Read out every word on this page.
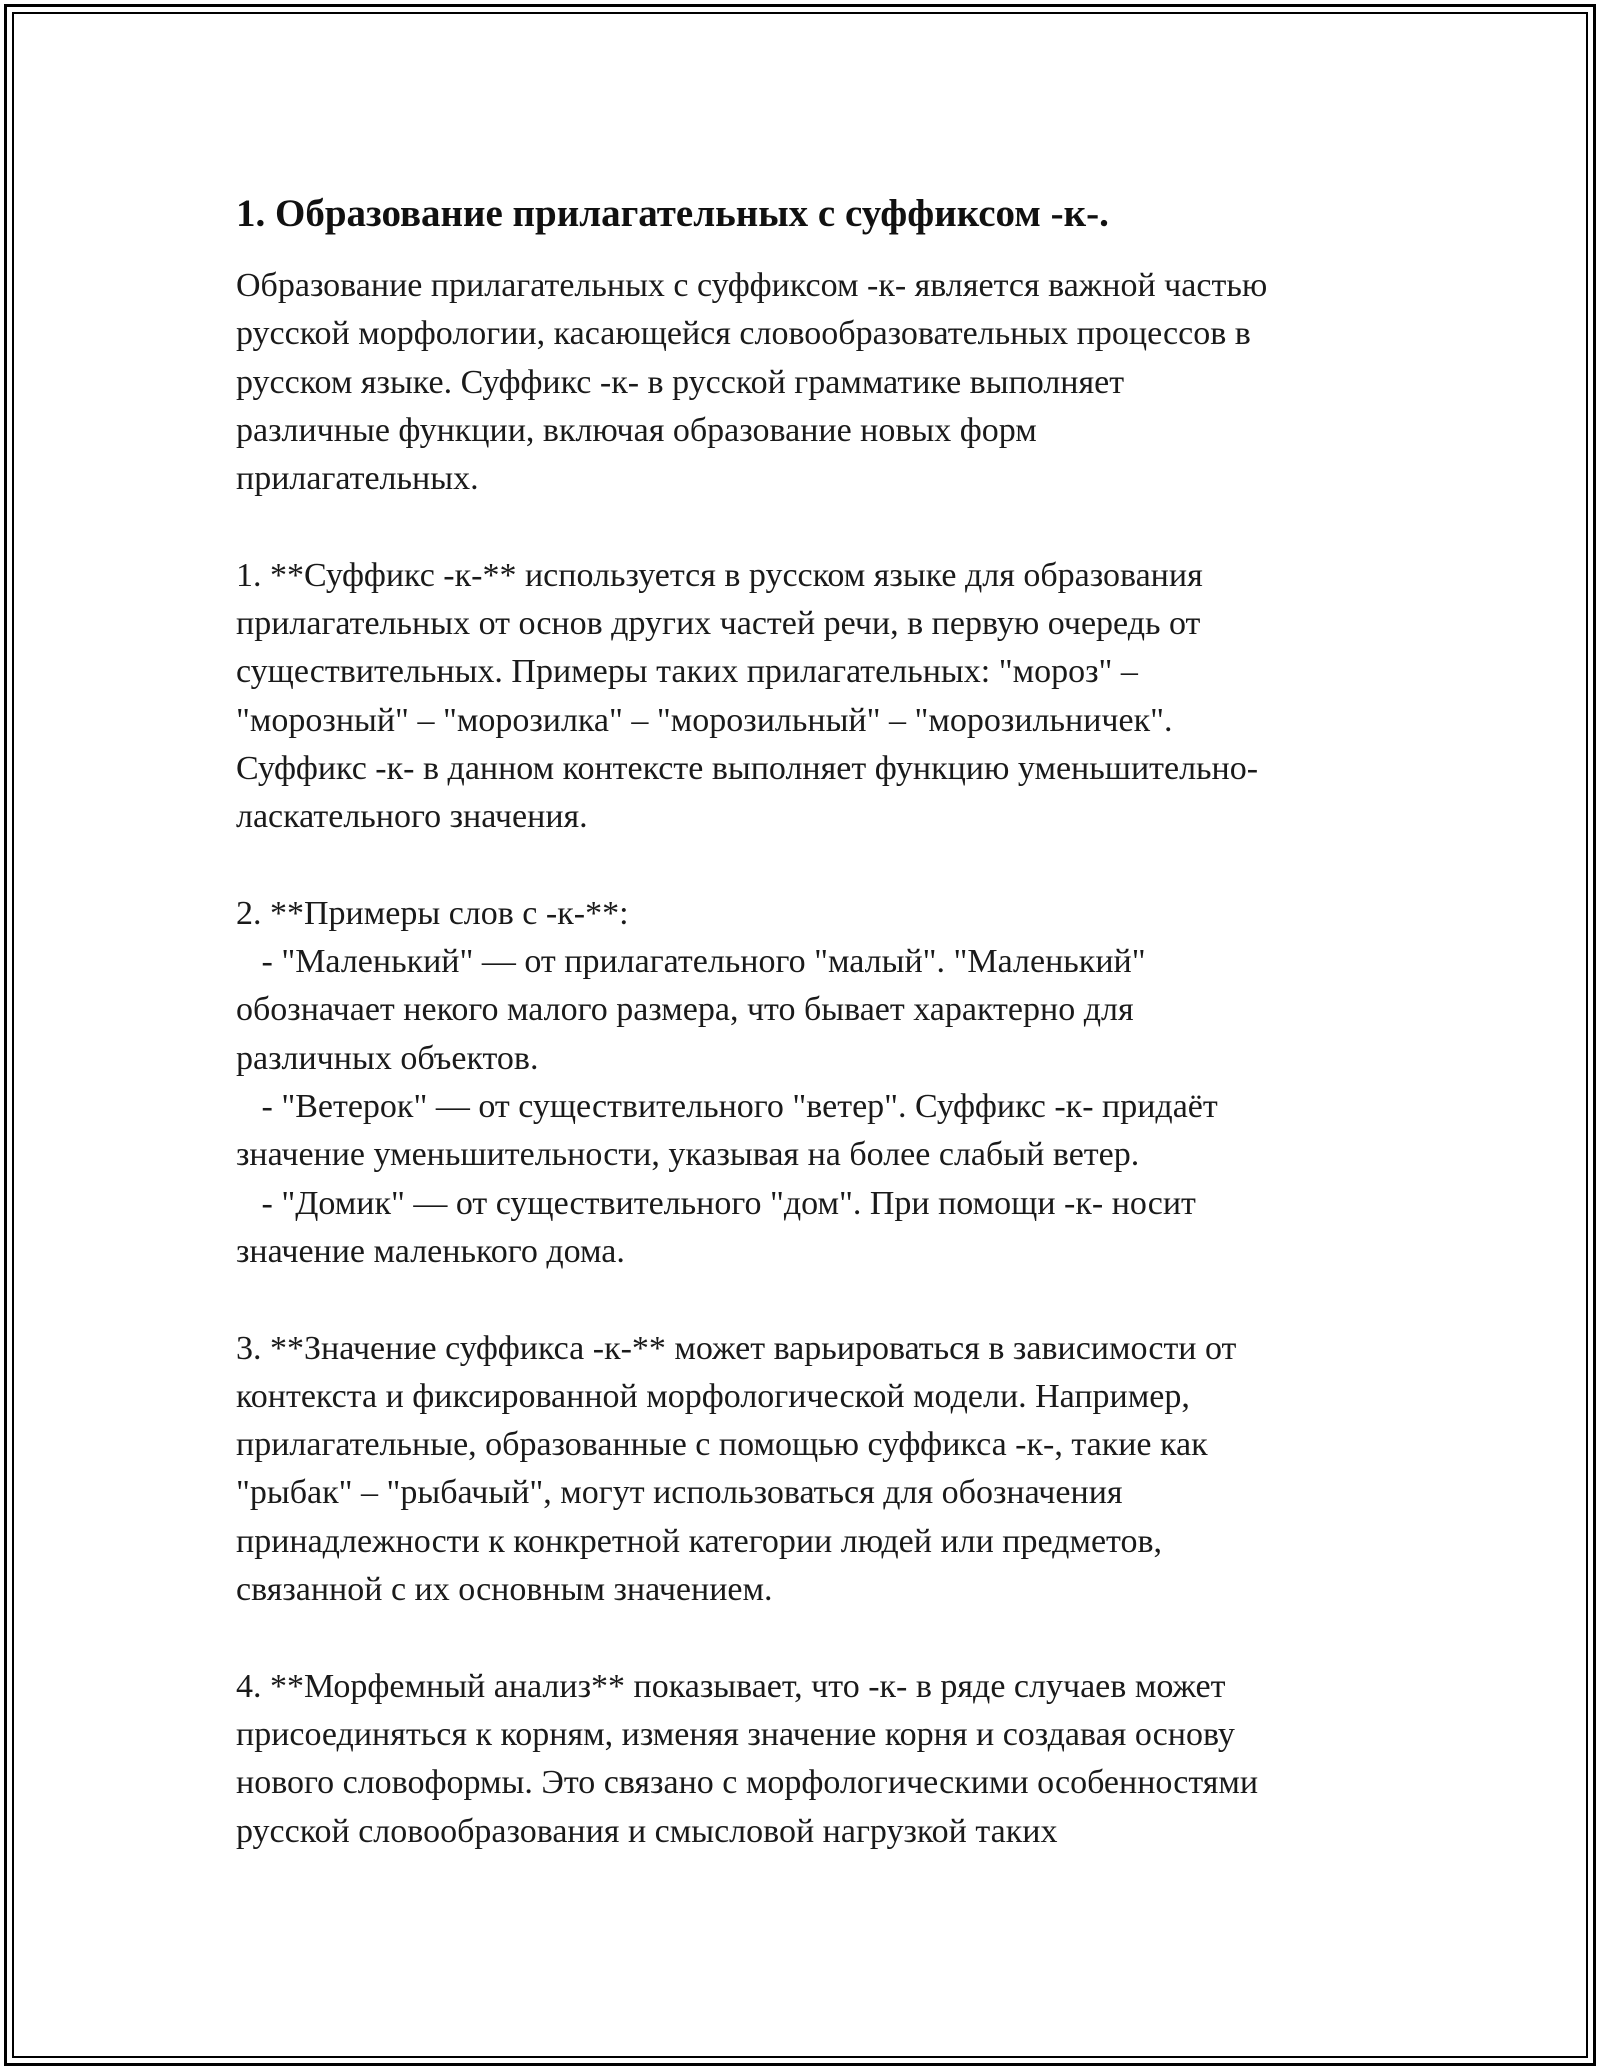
1. Образование прилагательных с суффиксом -к-.

Образование прилагательных с суффиксом -к- является важной частью
русской морфологии, касающейся словообразовательных процессов в
русском языке. Суффикс -к- в русской грамматике выполняет
различные функции, включая образование новых форм
прилагательных.

1. **Суффикс -к-** используется в русском языке для образования
прилагательных от основ других частей речи, в первую очередь от
существительных. Примеры таких прилагательных: "мороз" –
"морозный" – "морозилка" – "морозильный" – "морозильничек".
Суффикс -к- в данном контексте выполняет функцию уменьшительно-
ласкательного значения.

2. **Примеры слов с -к-**:
- "Маленький" — от прилагательного "малый". "Маленький"
обозначает некого малого размера, что бывает характерно для
различных объектов.
- "Ветерок" — от существительного "ветер". Суффикс -к- придаёт
значение уменьшительности, указывая на более слабый ветер.
- "Домик" — от существительного "дом". При помощи -к- носит
значение маленького дома.

3. **Значение суффикса -к-** может варьироваться в зависимости от
контекста и фиксированной морфологической модели. Например,
прилагательные, образованные с помощью суффикса -к-, такие как
"рыбак" – "рыбачый", могут использоваться для обозначения
принадлежности к конкретной категории людей или предметов,
связанной с их основным значением.

4. **Морфемный анализ** показывает, что -к- в ряде случаев может
присоединяться к корням, изменяя значение корня и создавая основу
нового словоформы. Это связано с морфологическими особенностями
русской словообразования и смысловой нагрузкой таких
